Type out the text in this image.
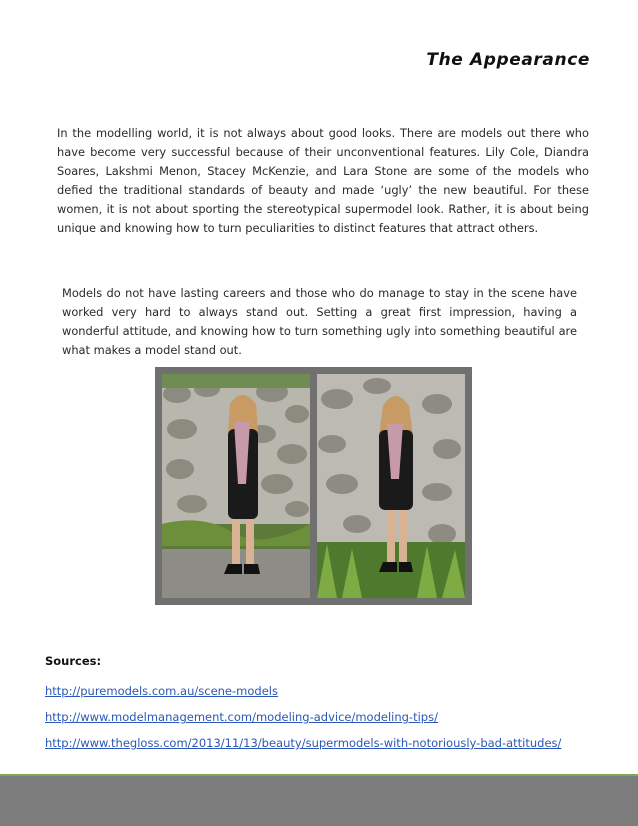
The Appearance

In the modelling world, it is not always about good looks. There are models out there who have become very successful because of their unconventional features. Lily Cole, Diandra Soares, Lakshmi Menon, Stacey McKenzie, and Lara Stone are some of the models who defied the traditional standards of beauty and made ‘ugly’ the new beautiful. For these women, it is not about sporting the stereotypical supermodel look. Rather, it is about being unique and knowing how to turn peculiarities to distinct features that attract others.

Models do not have lasting careers and those who do manage to stay in the scene have worked very hard to always stand out. Setting a great first impression, having a wonderful attitude, and knowing how to turn something ugly into something beautiful are what makes a model stand out.

Sources:
http://puremodels.com.au/scene-models
http://www.modelmanagement.com/modeling-advice/modeling-tips/
http://www.thegloss.com/2013/11/13/beauty/supermodels-with-notoriously-bad-attitudes/
